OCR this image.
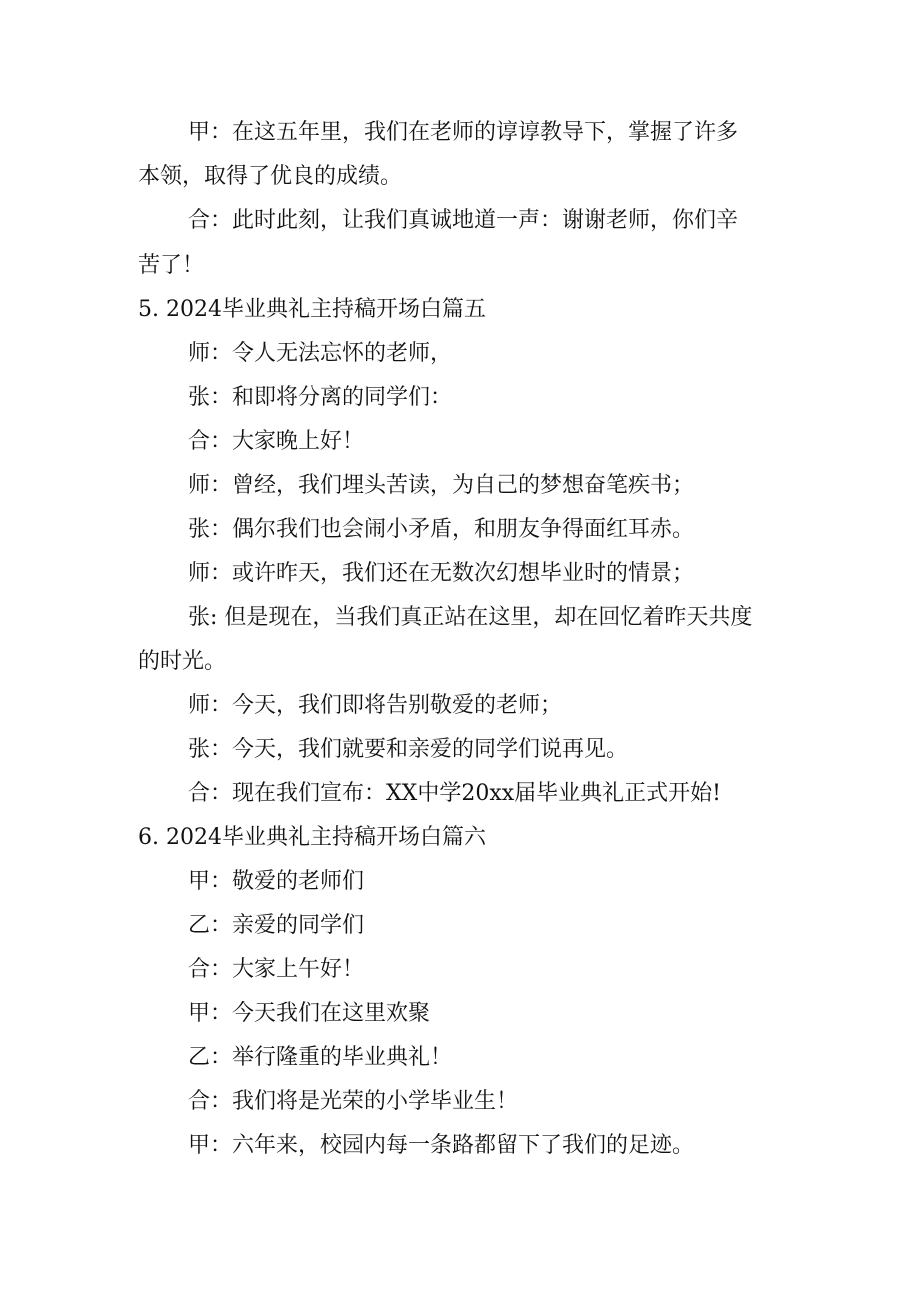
甲：在这五年里，我们在老师的谆谆教导下，掌握了许多
本领，取得了优良的成绩。
合：此时此刻，让我们真诚地道一声：谢谢老师，你们辛
苦了！
5. 2024毕业典礼主持稿开场白篇五
师：令人无法忘怀的老师，
张：和即将分离的同学们：
合：大家晚上好！
师：曾经，我们埋头苦读，为自己的梦想奋笔疾书；
张：偶尔我们也会闹小矛盾，和朋友争得面红耳赤。
师：或许昨天，我们还在无数次幻想毕业时的情景；
张: 但是现在，当我们真正站在这里，却在回忆着昨天共度
的时光。
师：今天，我们即将告别敬爱的老师；
张：今天，我们就要和亲爱的同学们说再见。
合：现在我们宣布：XX中学20xx届毕业典礼正式开始!
6. 2024毕业典礼主持稿开场白篇六
甲：敬爱的老师们
乙：亲爱的同学们
合：大家上午好！
甲：今天我们在这里欢聚
乙：举行隆重的毕业典礼！
合：我们将是光荣的小学毕业生！
甲：六年来，校园内每一条路都留下了我们的足迹。
